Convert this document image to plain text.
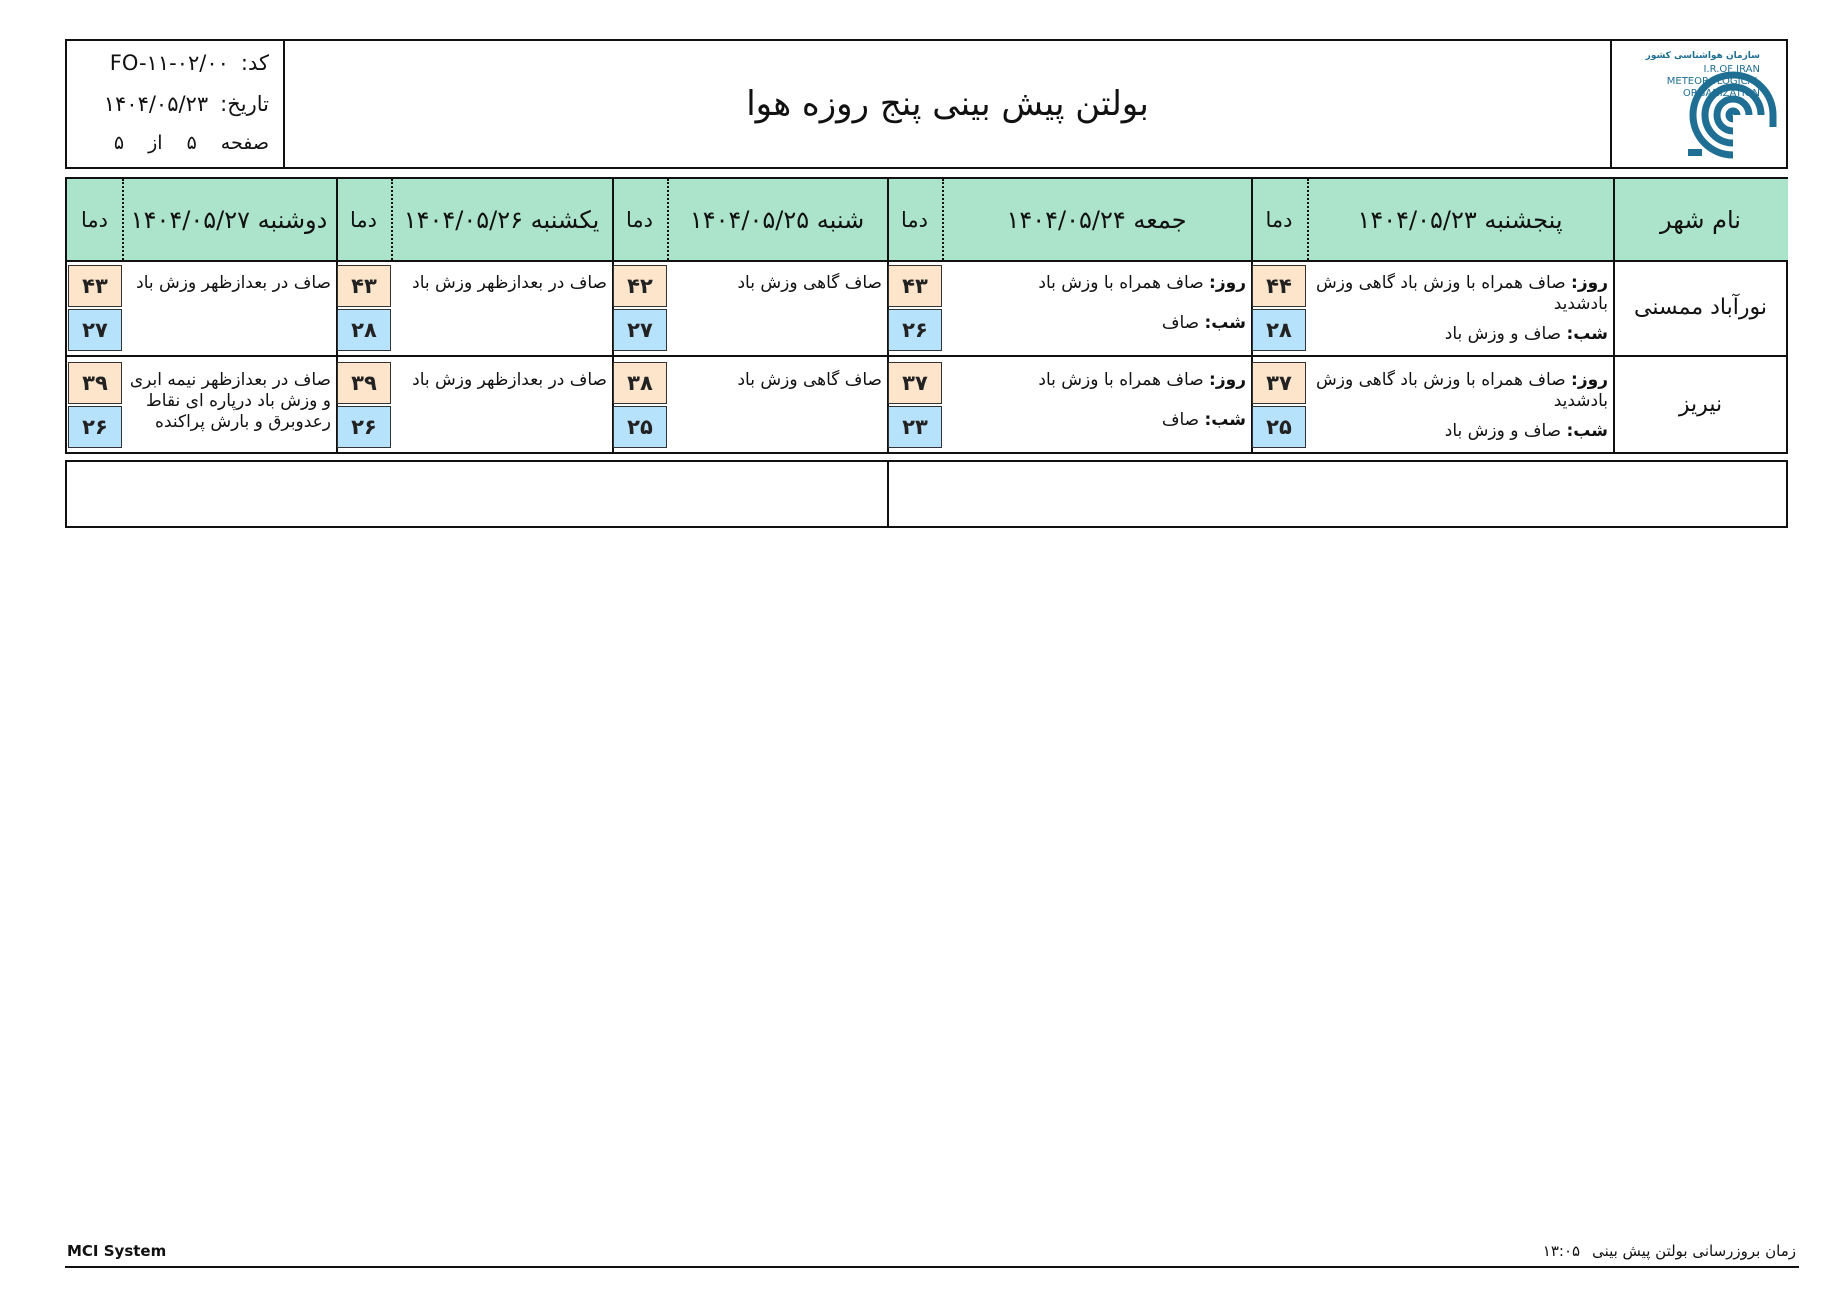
کد:FO-۱۱-۰۲/۰۰
تاریخ:۱۴۰۴/۰۵/۲۳
صفحه۵از۵
بولتن پیش بینی پنج روزه هوا
سازمان هواشناسی کشور
I.R.OF IRAN
METEOROLOGICAL
ORGANIZATION
نام شهر
پنجشنبه ۱۴۰۴/۰۵/۲۳
دما
جمعه ۱۴۰۴/۰۵/۲۴
دما
شنبه ۱۴۰۴/۰۵/۲۵
دما
یکشنبه ۱۴۰۴/۰۵/۲۶
دما
دوشنبه ۱۴۰۴/۰۵/۲۷
دما
نورآباد ممسنی
روز: صاف همراه با وزش باد گاهی وزش بادشدید
شب: صاف و وزش باد
۴۴
۲۸
روز: صاف همراه با وزش باد
شب: صاف
۴۳
۲۶
صاف گاهی وزش باد
۴۲
۲۷
صاف در بعدازظهر وزش باد
۴۳
۲۸
صاف در بعدازظهر وزش باد
۴۳
۲۷
نیریز
روز: صاف همراه با وزش باد گاهی وزش بادشدید
شب: صاف و وزش باد
۳۷
۲۵
روز: صاف همراه با وزش باد
شب: صاف
۳۷
۲۳
صاف گاهی وزش باد
۳۸
۲۵
صاف در بعدازظهر وزش باد
۳۹
۲۶
صاف در بعدازظهر نیمه ابری و وزش باد درپاره ای نقاط رعدوبرق و بارش پراکنده
۳۹
۲۶
MCI System	زمان بروزرسانی بولتن پیش بینی۱۳:۰۵
